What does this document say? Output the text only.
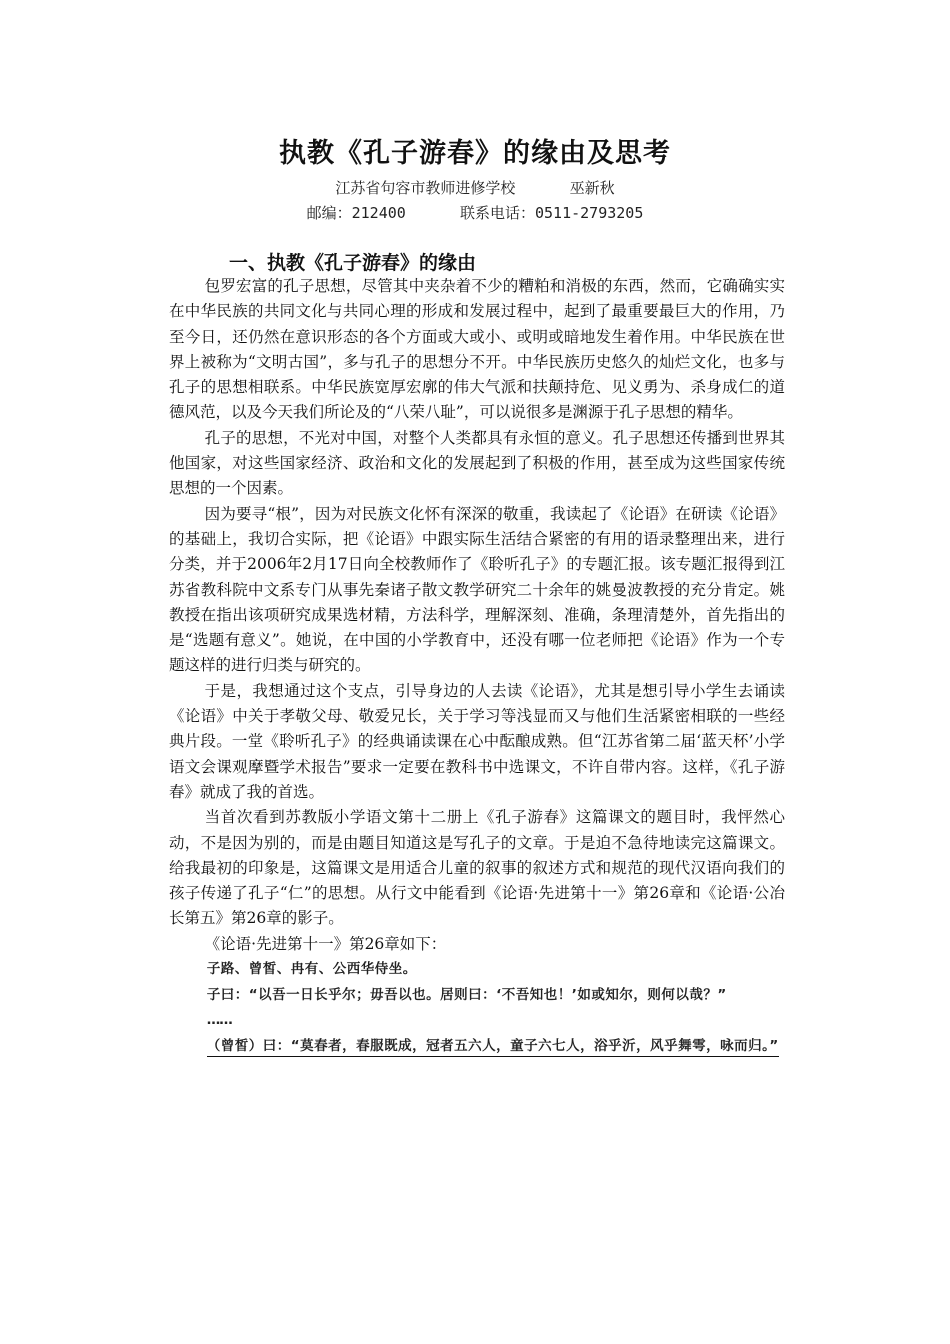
执教《孔子游春》的缘由及思考
江苏省句容市教师进修学校      巫新秋
邮编：212400      联系电话：0511-2793205
一、执教《孔子游春》的缘由

包罗宏富的孔子思想，尽管其中夹杂着不少的糟粕和消极的东西，然而，它确确实实在中华民族的共同文化与共同心理的形成和发展过程中，起到了最重要最巨大的作用，乃至今日，还仍然在意识形态的各个方面或大或小、或明或暗地发生着作用。中华民族在世界上被称为“文明古国”，多与孔子的思想分不开。中华民族历史悠久的灿烂文化，也多与孔子的思想相联系。中华民族宽厚宏廓的伟大气派和扶颠持危、见义勇为、杀身成仁的道德风范，以及今天我们所论及的“八荣八耻”，可以说很多是渊源于孔子思想的精华。

孔子的思想，不光对中国，对整个人类都具有永恒的意义。孔子思想还传播到世界其他国家，对这些国家经济、政治和文化的发展起到了积极的作用，甚至成为这些国家传统思想的一个因素。

因为要寻“根”，因为对民族文化怀有深深的敬重，我读起了《论语》在研读《论语》的基础上，我切合实际，把《论语》中跟实际生活结合紧密的有用的语录整理出来，进行分类，并于2006年2月17日向全校教师作了《聆听孔子》的专题汇报。该专题汇报得到江苏省教科院中文系专门从事先秦诸子散文教学研究二十余年的姚曼波教授的充分肯定。姚教授在指出该项研究成果选材精，方法科学，理解深刻、准确，条理清楚外，首先指出的是“选题有意义”。她说，在中国的小学教育中，还没有哪一位老师把《论语》作为一个专题这样的进行归类与研究的。

于是，我想通过这个支点，引导身边的人去读《论语》，尤其是想引导小学生去诵读《论语》中关于孝敬父母、敬爱兄长，关于学习等浅显而又与他们生活紧密相联的一些经典片段。一堂《聆听孔子》的经典诵读课在心中酝酿成熟。但“江苏省第二届‘蓝天杯’小学语文会课观摩暨学术报告”要求一定要在教科书中选课文，不许自带内容。这样，《孔子游春》就成了我的首选。

当首次看到苏教版小学语文第十二册上《孔子游春》这篇课文的题目时，我怦然心动，不是因为别的，而是由题目知道这是写孔子的文章。于是迫不急待地读完这篇课文。给我最初的印象是，这篇课文是用适合儿童的叙事的叙述方式和规范的现代汉语向我们的孩子传递了孔子“仁”的思想。从行文中能看到《论语·先进第十一》第26章和《论语·公冶长第五》第26章的影子。

《论语·先进第十一》第26章如下：

子路、曾皙、冉有、公西华侍坐。

子曰：“以吾一日长乎尔；毋吾以也。居则曰：‘不吾知也！’如或知尔，则何以哉？”

……

（曾皙）曰：“莫春者，春服既成，冠者五六人，童子六七人，浴乎沂，风乎舞雩，咏而归。”
